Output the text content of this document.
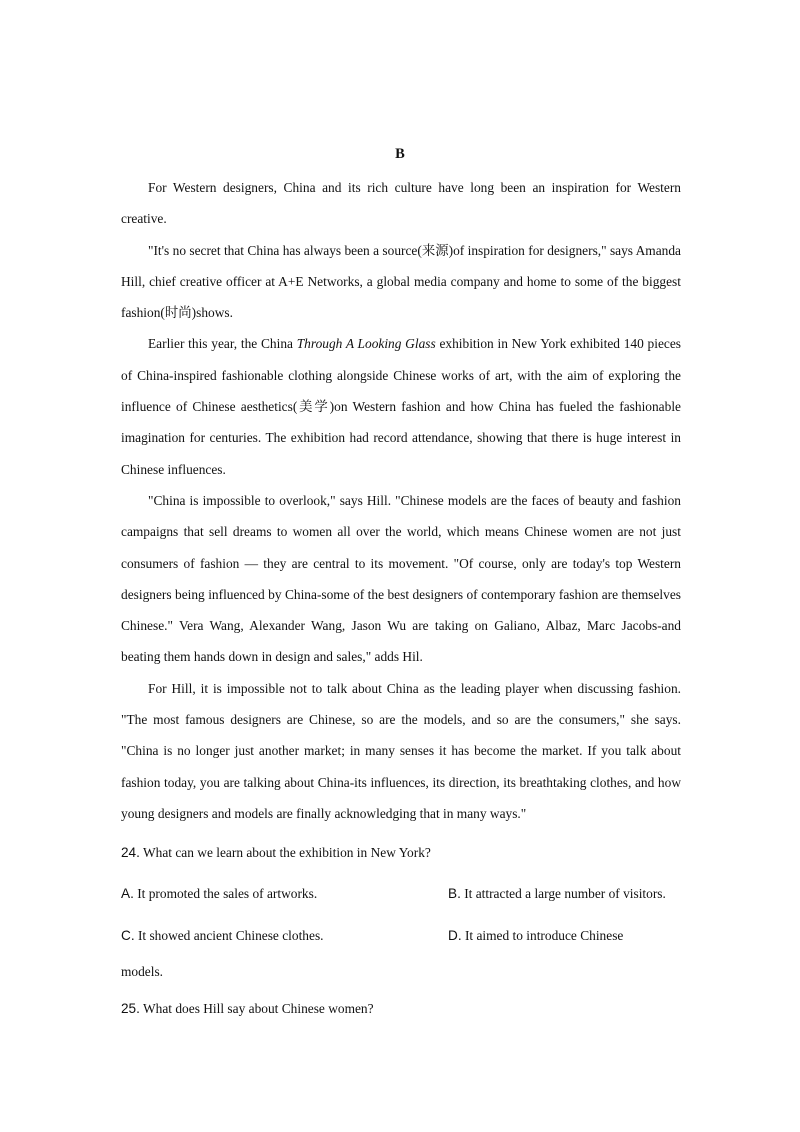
B

For Western designers, China and its rich culture have long been an inspiration for Western creative.

"It's no secret that China has always been a source(来源)of inspiration for designers," says Amanda Hill, chief creative officer at A+E Networks, a global media company and home to some of the biggest fashion(时尚)shows.

Earlier this year, the China Through A Looking Glass exhibition in New York exhibited 140 pieces of China-inspired fashionable clothing alongside Chinese works of art, with the aim of exploring the influence of Chinese aesthetics(美学)on Western fashion and how China has fueled the fashionable imagination for centuries. The exhibition had record attendance, showing that there is huge interest in Chinese influences.

"China is impossible to overlook," says Hill. "Chinese models are the faces of beauty and fashion campaigns that sell dreams to women all over the world, which means Chinese women are not just consumers of fashion — they are central to its movement. "Of course, only are today's top Western designers being influenced by China-some of the best designers of contemporary fashion are themselves Chinese." Vera Wang, Alexander Wang, Jason Wu are taking on Galiano, Albaz, Marc Jacobs-and beating them hands down in design and sales," adds Hil.

For Hill, it is impossible not to talk about China as the leading player when discussing fashion. "The most famous designers are Chinese, so are the models, and so are the consumers," she says. "China is no longer just another market; in many senses it has become the market. If you talk about fashion today, you are talking about China-its influences, its direction, its breathtaking clothes, and how young designers and models are finally acknowledging that in many ways."

24. What can we learn about the exhibition in New York?
A. It promoted the sales of artworks.	B. It attracted a large number of visitors.
C. It showed ancient Chinese clothes.	D. It aimed to introduce Chinese
models.
25. What does Hill say about Chinese women?
